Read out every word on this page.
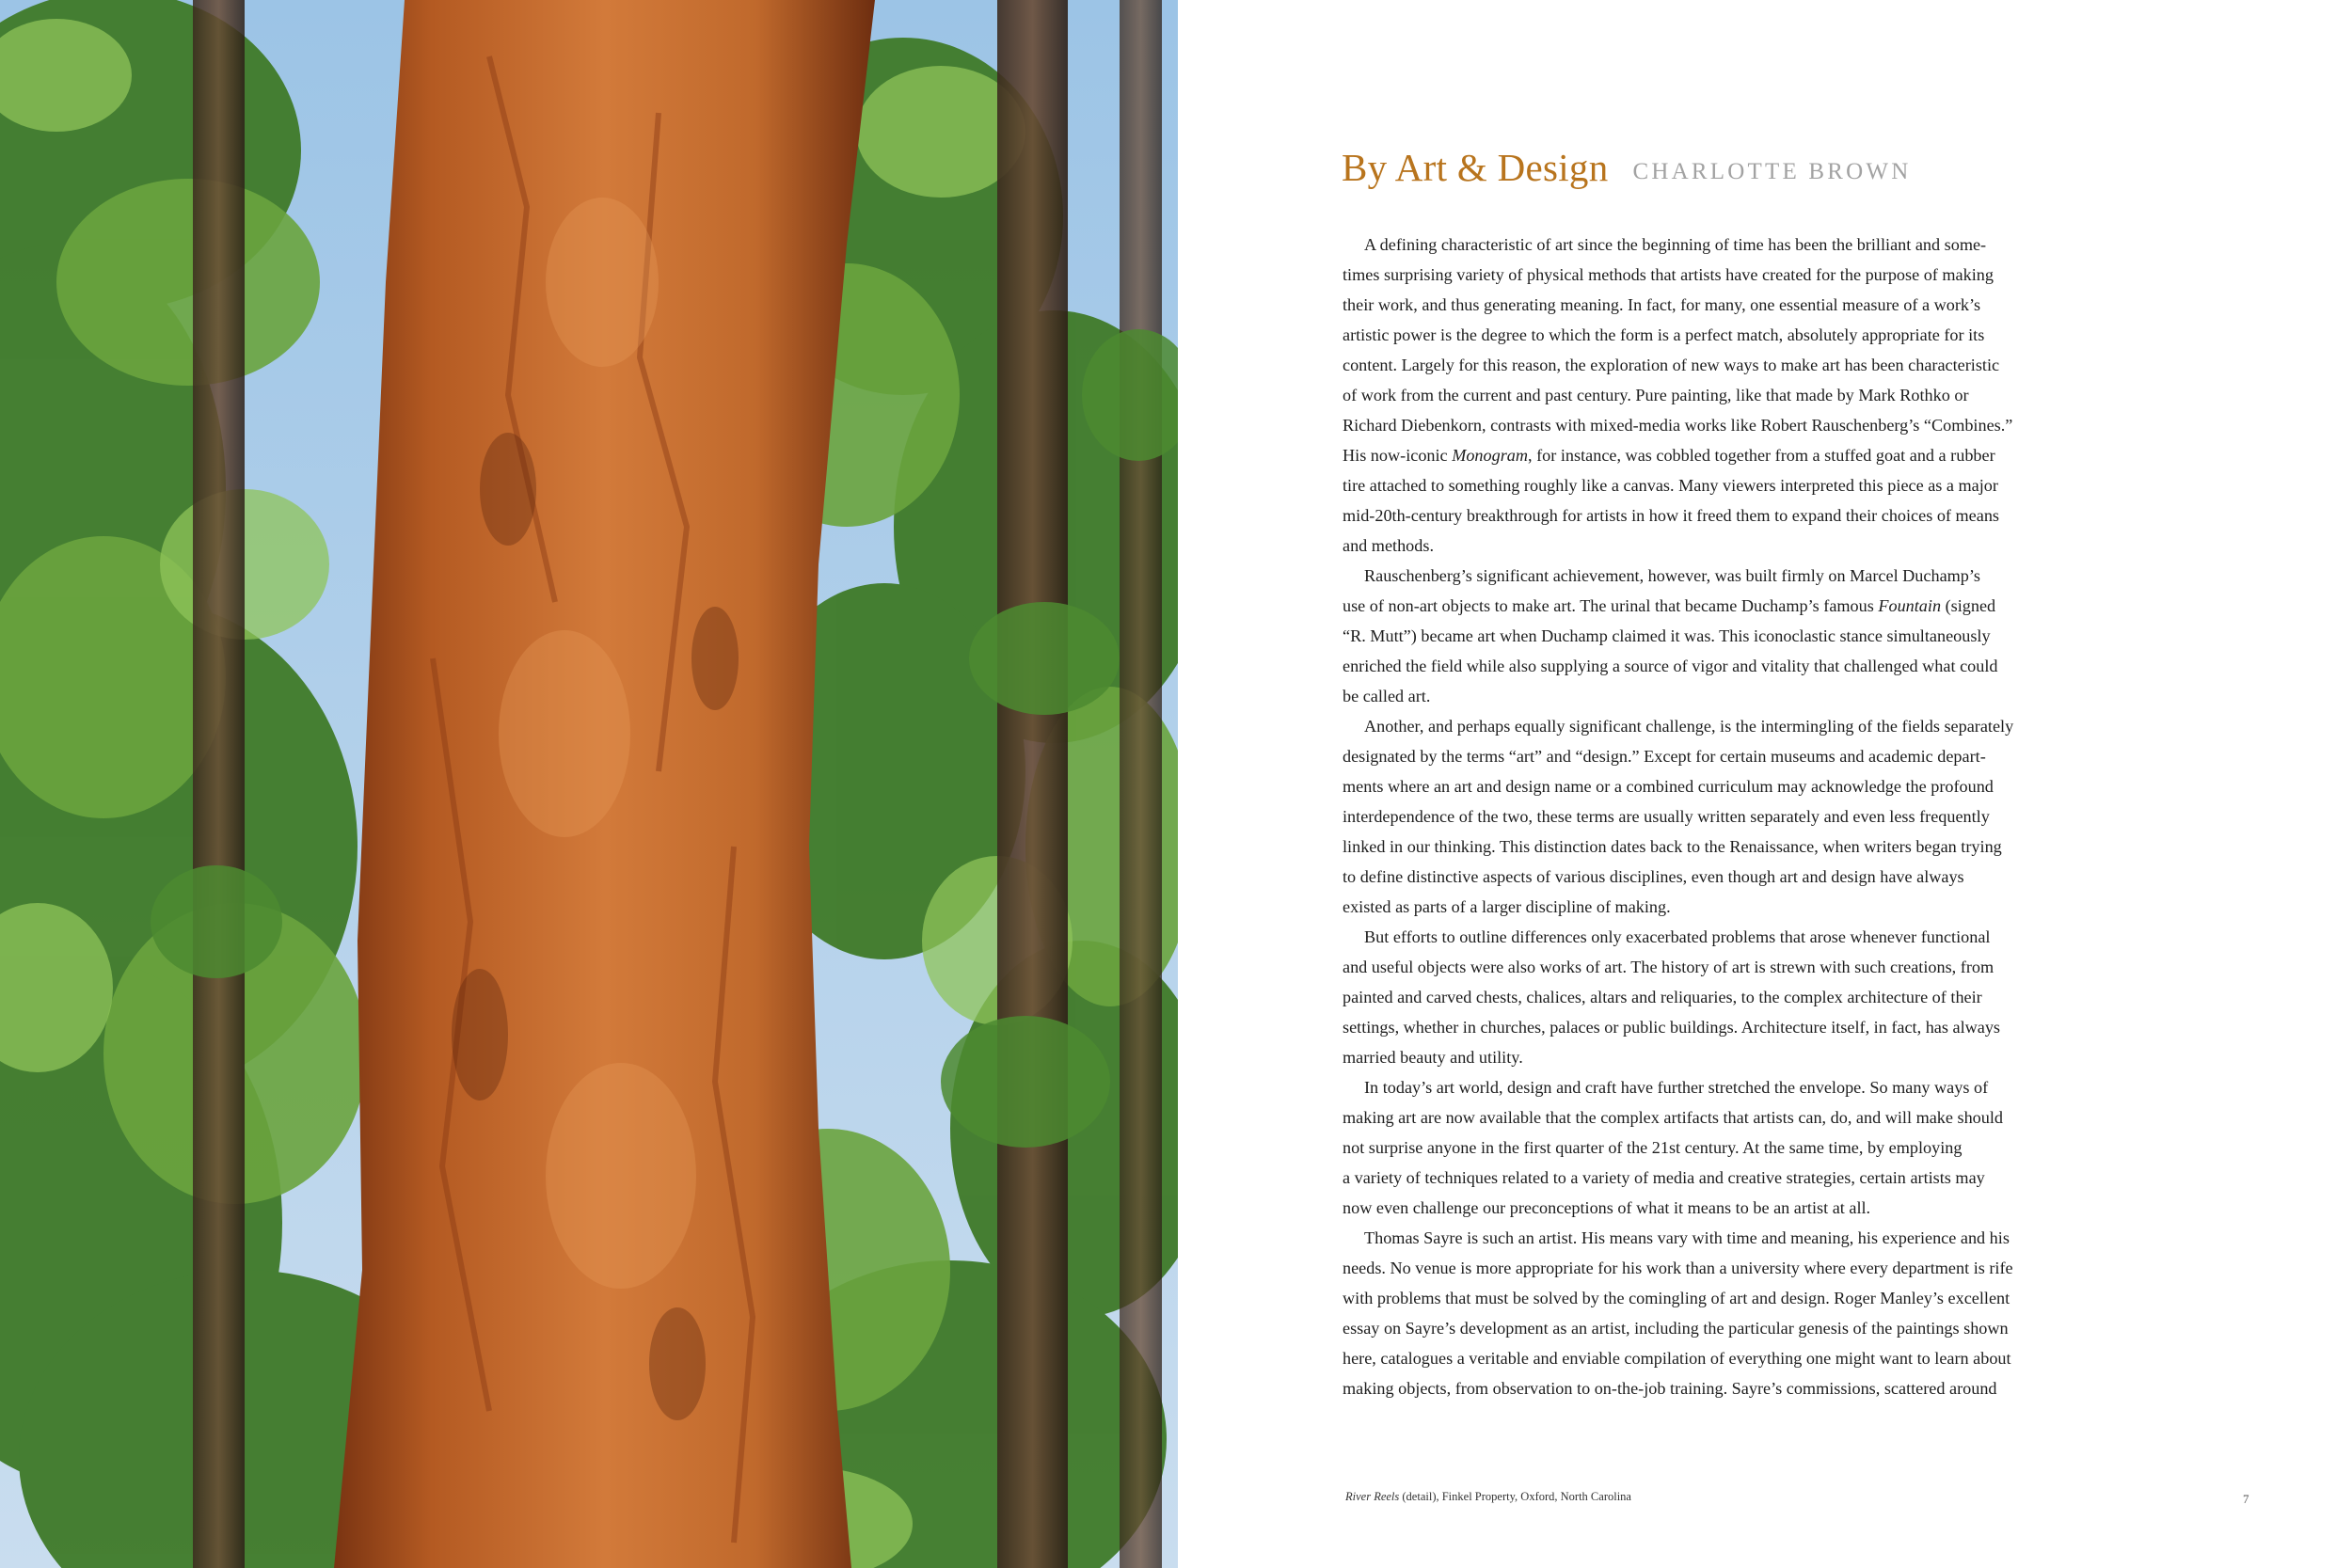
By Art & Design CHARLOTTE BROWN
A defining characteristic of art since the beginning of time has been the brilliant and some-
times surprising variety of physical methods that artists have created for the purpose of making
their work, and thus generating meaning. In fact, for many, one essential measure of a work’s
artistic power is the degree to which the form is a perfect match, absolutely appropriate for its
content. Largely for this reason, the exploration of new ways to make art has been characteristic
of work from the current and past century. Pure painting, like that made by Mark Rothko or
Richard Diebenkorn, contrasts with mixed-media works like Robert Rauschenberg’s “Combines.”
His now-iconic Monogram, for instance, was cobbled together from a stuffed goat and a rubber
tire attached to something roughly like a canvas. Many viewers interpreted this piece as a major
mid-20th-century breakthrough for artists in how it freed them to expand their choices of means
and methods.
Rauschenberg’s significant achievement, however, was built firmly on Marcel Duchamp’s
use of non-art objects to make art. The urinal that became Duchamp’s famous Fountain (signed
“R. Mutt”) became art when Duchamp claimed it was. This iconoclastic stance simultaneously
enriched the field while also supplying a source of vigor and vitality that challenged what could
be called art.
Another, and perhaps equally significant challenge, is the intermingling of the fields separately
designated by the terms “art” and “design.” Except for certain museums and academic depart-
ments where an art and design name or a combined curriculum may acknowledge the profound
interdependence of the two, these terms are usually written separately and even less frequently
linked in our thinking. This distinction dates back to the Renaissance, when writers began trying
to define distinctive aspects of various disciplines, even though art and design have always
existed as parts of a larger discipline of making.
But efforts to outline differences only exacerbated problems that arose whenever functional
and useful objects were also works of art. The history of art is strewn with such creations, from
painted and carved chests, chalices, altars and reliquaries, to the complex architecture of their
settings, whether in churches, palaces or public buildings. Architecture itself, in fact, has always
married beauty and utility.
In today’s art world, design and craft have further stretched the envelope. So many ways of
making art are now available that the complex artifacts that artists can, do, and will make should
not surprise anyone in the first quarter of the 21st century. At the same time, by employing
a variety of techniques related to a variety of media and creative strategies, certain artists may
now even challenge our preconceptions of what it means to be an artist at all.
Thomas Sayre is such an artist. His means vary with time and meaning, his experience and his
needs. No venue is more appropriate for his work than a university where every department is rife
with problems that must be solved by the comingling of art and design. Roger Manley’s excellent
essay on Sayre’s development as an artist, including the particular genesis of the paintings shown
here, catalogues a veritable and enviable compilation of everything one might want to learn about
making objects, from observation to on-the-job training. Sayre’s commissions, scattered around
River Reels (detail), Finkel Property, Oxford, North Carolina	7
